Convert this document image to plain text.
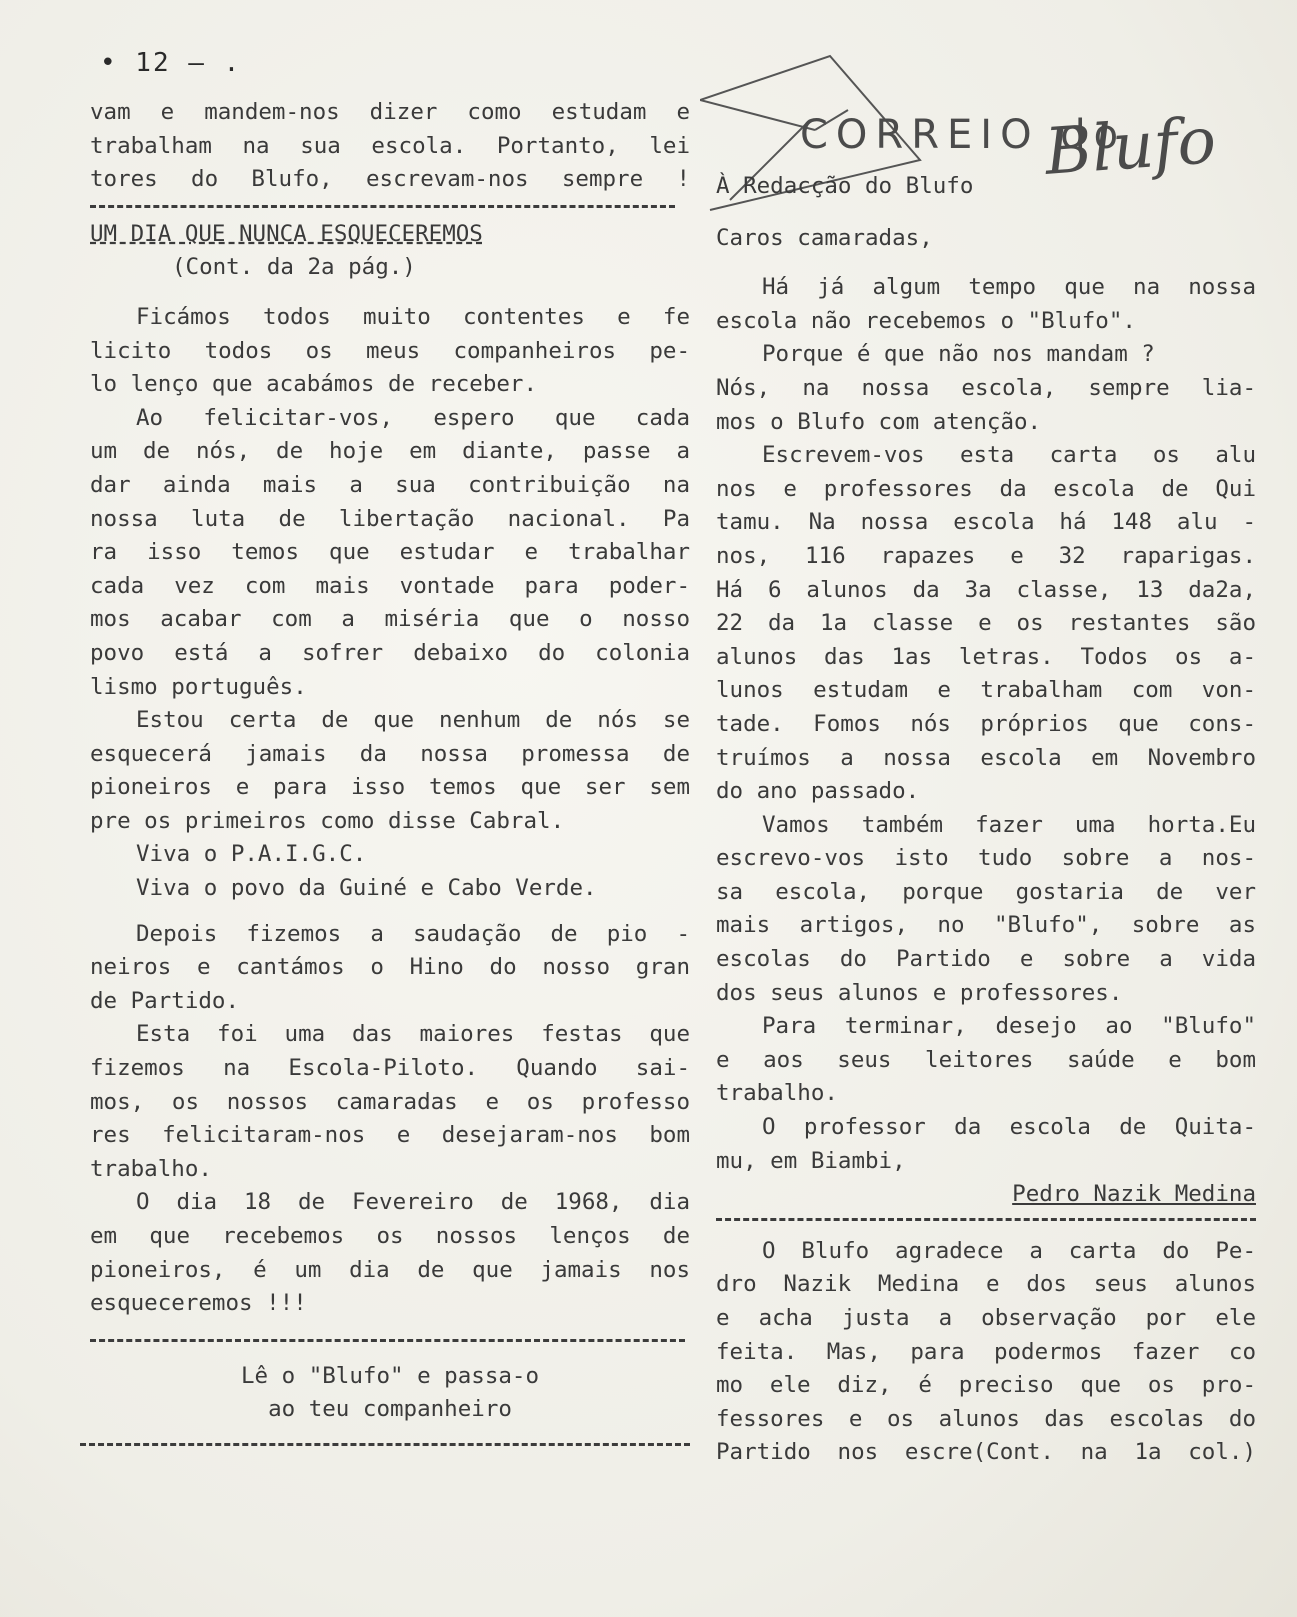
• 12 – .
CORREIO do
Blufo
vam e mandem-nos dizer como estudam e
trabalham na sua escola. Portanto, lei
tores do Blufo, escrevam-nos sempre !
UM DIA QUE NUNCA ESQUECEREMOS
(Cont. da 2a pág.)
Ficámos todos muito contentes e fe
licito todos os meus companheiros pe-
lo lenço que acabámos de receber.
Ao felicitar-vos, espero que cada
um de nós, de hoje em diante, passe a
dar ainda mais a sua contribuição na
nossa luta de libertação nacional. Pa
ra isso temos que estudar e trabalhar
cada vez com mais vontade para poder-
mos acabar com a miséria que o nosso
povo está a sofrer debaixo do colonia
lismo português.
Estou certa de que nenhum de nós se
esquecerá jamais da nossa promessa de
pioneiros e para isso temos que ser sem
pre os primeiros como disse Cabral.
Viva o P.A.I.G.C.
Viva o povo da Guiné e Cabo Verde.
Depois fizemos a saudação de pio -
neiros e cantámos o Hino do nosso gran
de Partido.
Esta foi uma das maiores festas que
fizemos na Escola-Piloto. Quando sai-
mos, os nossos camaradas e os professo
res felicitaram-nos e desejaram-nos bom
trabalho.
O dia 18 de Fevereiro de 1968, dia
em que recebemos os nossos lenços de
pioneiros, é um dia de que jamais nos
esqueceremos !!!
Lê o "Blufo" e passa-o
ao teu companheiro
À Redacção do Blufo
Caros camaradas,
Há já algum tempo que na nossa
escola não recebemos o "Blufo".
Porque é que não nos mandam ?
Nós, na nossa escola, sempre lia-
mos o Blufo com atenção.
Escrevem-vos esta carta os alu
nos e professores da escola de Qui
tamu. Na nossa escola há 148 alu -
nos, 116 rapazes e 32 raparigas.
Há 6 alunos da 3a classe, 13 da2a,
22 da 1a classe e os restantes são
alunos das 1as letras. Todos os a-
lunos estudam e trabalham com von-
tade. Fomos nós próprios que cons-
truímos a nossa escola em Novembro
do ano passado.
Vamos também fazer uma horta.Eu
escrevo-vos isto tudo sobre a nos-
sa escola, porque gostaria de ver
mais artigos, no "Blufo", sobre as
escolas do Partido e sobre a vida
dos seus alunos e professores.
Para terminar, desejo ao "Blufo"
e aos seus leitores saúde e bom
trabalho.
O professor da escola de Quita-
mu, em Biambi,
Pedro Nazik Medina
O Blufo agradece a carta do Pe-
dro Nazik Medina e dos seus alunos
e acha justa a observação por ele
feita. Mas, para podermos fazer co
mo ele diz, é preciso que os pro-
fessores e os alunos das escolas do
Partido nos escre(Cont. na 1a col.)
